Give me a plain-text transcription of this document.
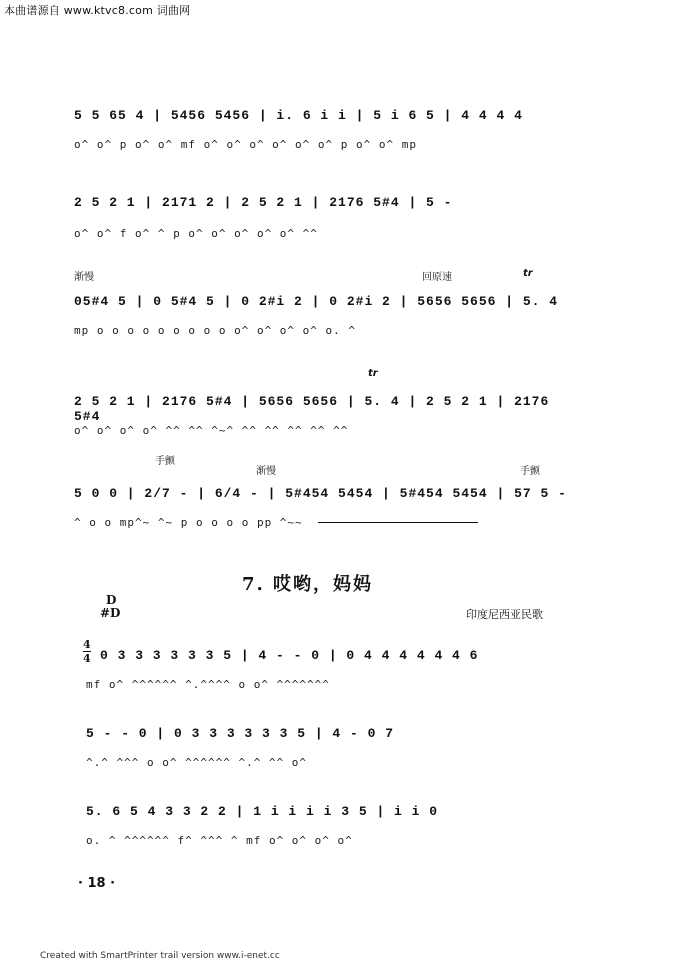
本曲谱源自 www.ktvc8.com 词曲网
5 5 65 4 | 5456 5456 | i. 6 i i | 5 i 6 5 | 4 4 4 4
o^ o^ p o^ o^ mf o^ o^ o^ o^ o^ o^ p o^ o^ mp
2 5 2 1 | 2171 2 | 2 5 2 1 | 2176 5#4 | 5 -
o^ o^ f o^ ^ p o^ o^ o^ o^ o^ ^^
渐慢	回原速	tr
05#4 5 | 0 5#4 5 | 0 2#i 2 | 0 2#i 2 | 5656 5656 | 5. 4
mp o o o o o o o o o o^ o^ o^ o^ o. ^
tr
2 5 2 1 | 2176 5#4 | 5656 5656 | 5. 4 | 2 5 2 1 | 2176 5#4
o^ o^ o^ o^ ^^ ^^ ^~^ ^^ ^^ ^^ ^^ ^^
手颤
渐慢	手颤
5 0 0 | 2/7 - | 6/4 - | 5#454 5454 | 5#454 5454 | 57 5 -
^ o o mp^~ ^~ p o o o o pp ^~~
7. 哎哟，妈妈
D
#D	印度尼西亚民歌
4
4 0 3 3 3 3 3 3 5 | 4 - - 0 | 0 4 4 4 4 4 4 6
mf o^ ^^^^^^ ^.^^^^ o o^ ^^^^^^^
5 - - 0 | 0 3 3 3 3 3 3 5 | 4 - 0 7
^.^ ^^^ o o^ ^^^^^^ ^.^ ^^ o^
5. 6 5 4 3 3 2 2 | 1 i i i i 3 5 | i i 0
o. ^ ^^^^^^ f^ ^^^ ^ mf o^ o^ o^ o^
· 18 ·
Created with SmartPrinter trail version www.i-enet.cc
